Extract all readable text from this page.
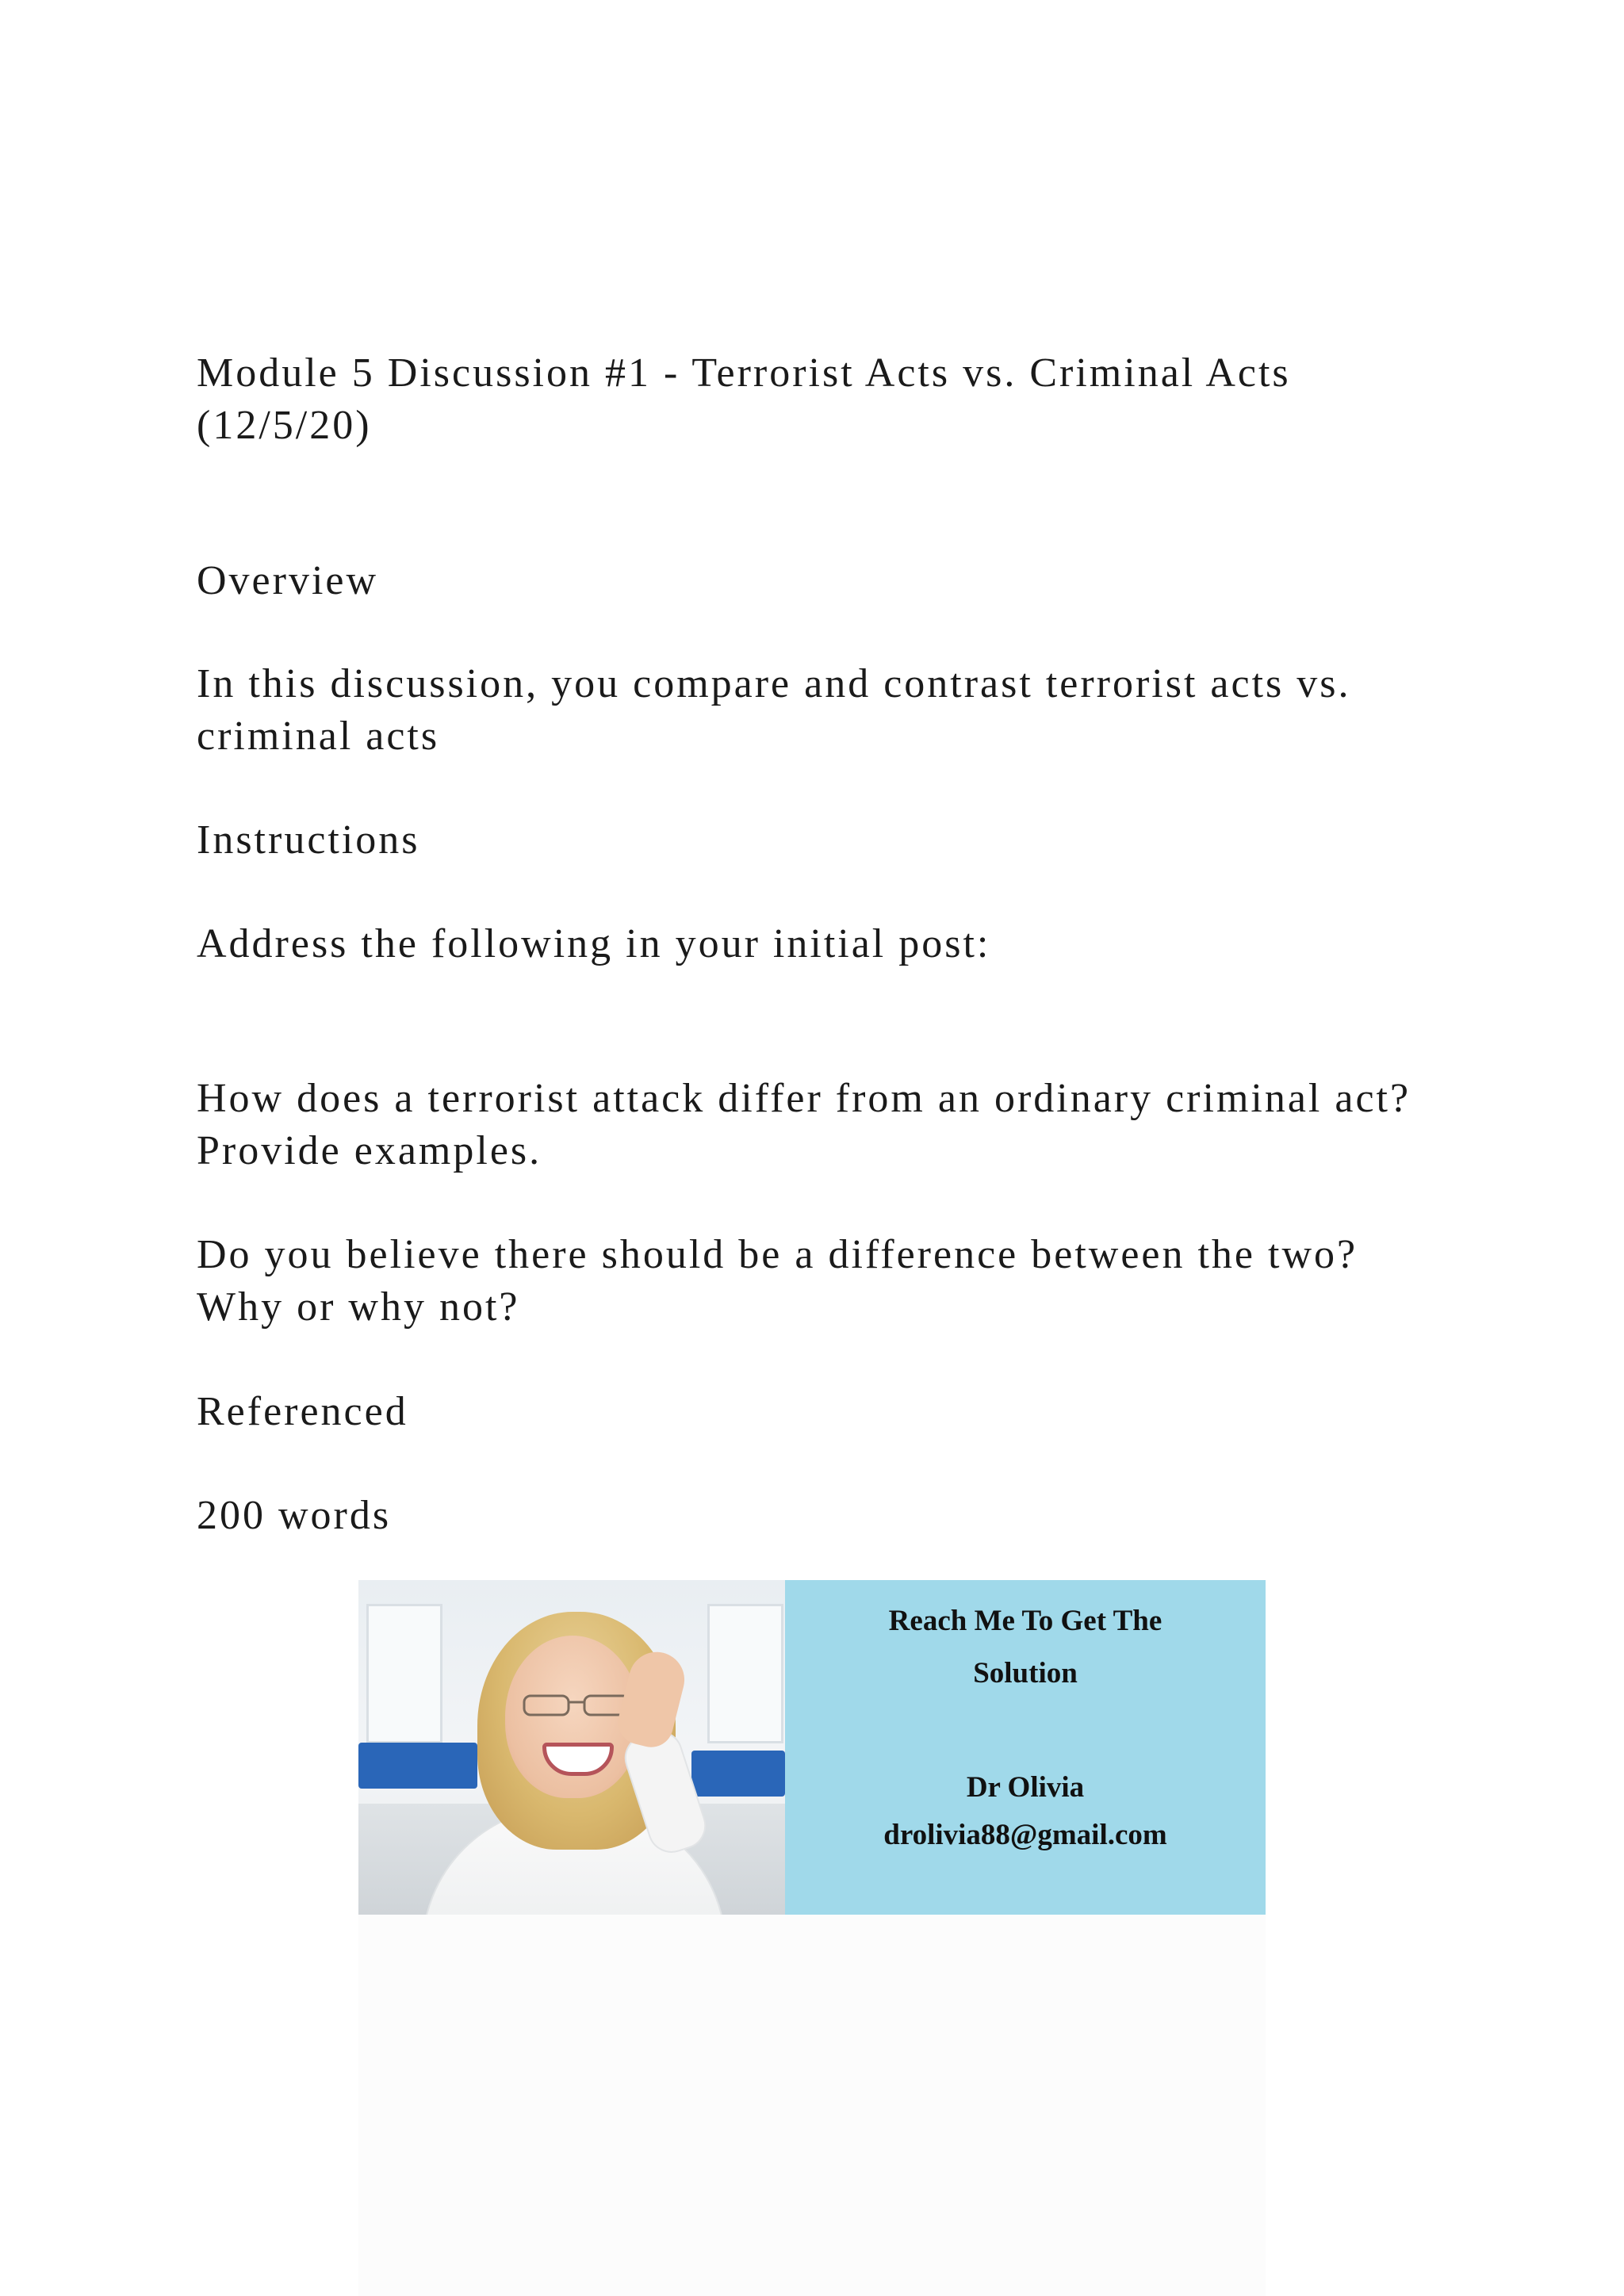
Module 5 Discussion #1 - Terrorist Acts vs. Criminal Acts
(12/5/20)
Overview
In this discussion, you compare and contrast terrorist acts vs.
criminal acts
Instructions
Address the following in your initial post:
How does a terrorist attack differ from an ordinary criminal act?
Provide examples.
Do you believe there should be a difference between the two?
Why or why not?
Referenced
200 words
Reach Me To Get The
Solution
Dr Olivia
drolivia88@gmail.com
